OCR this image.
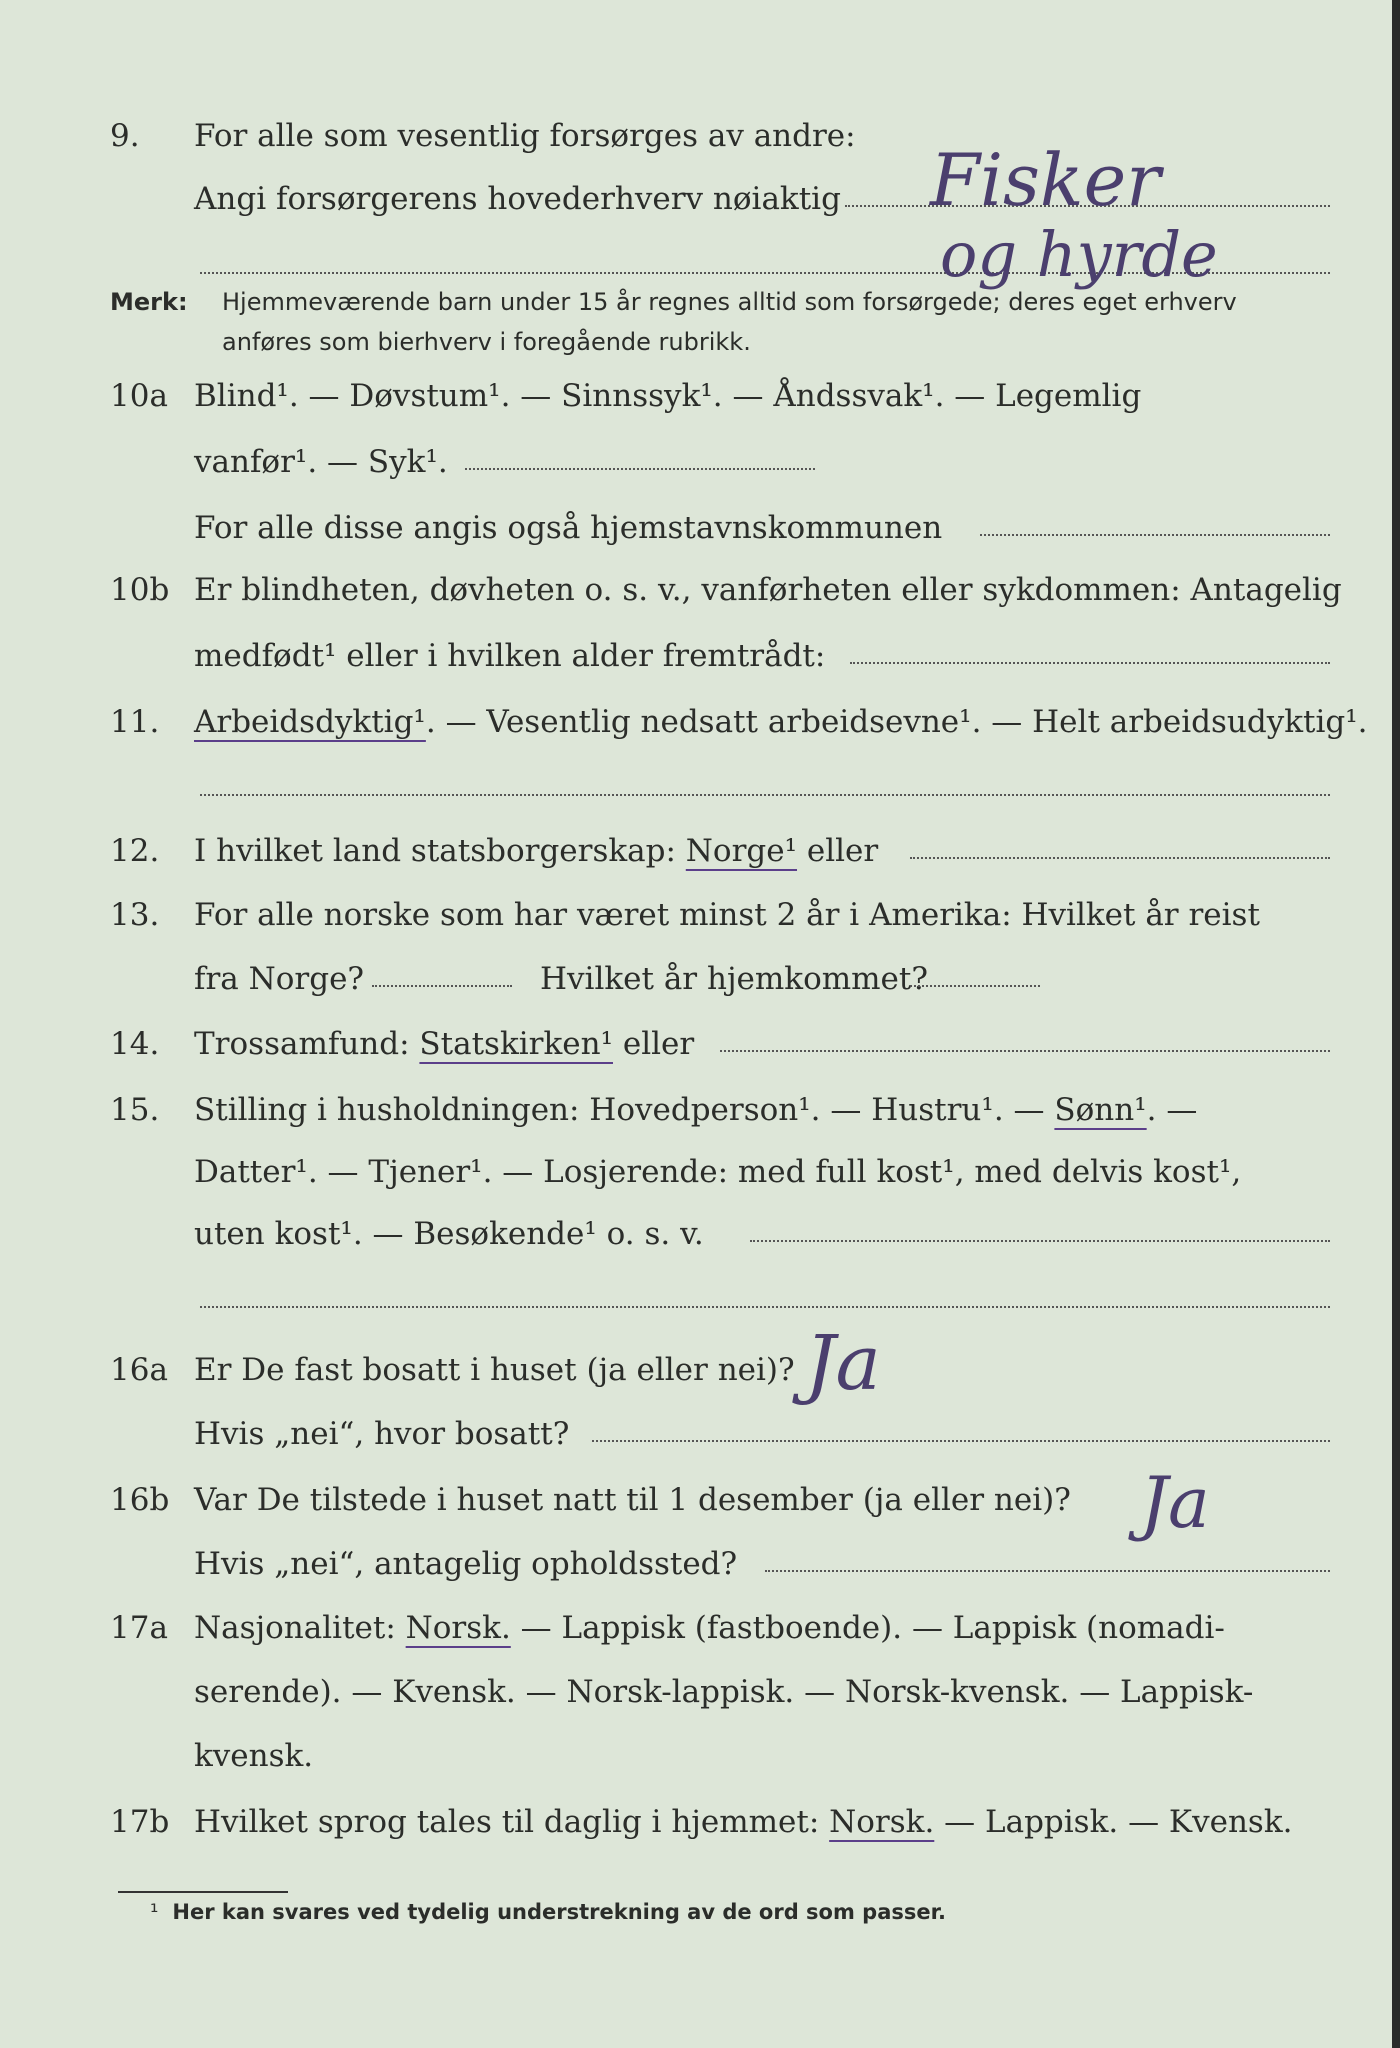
9.	For alle som vesentlig forsørges av andre:
Angi forsørgerens hovederhverv nøiaktig Fisker
og hyrde
Merk: Hjemmeværende barn under 15 år regnes alltid som forsørgede; deres eget erhverv
anføres som bierhverv i foregående rubrikk.
10a Blind¹. — Døvstum¹. — Sinnssyk¹. — Åndssvak¹. — Legemlig
vanfør¹. — Syk¹.
For alle disse angis også hjemstavnskommunen
10b Er blindheten, døvheten o. s. v., vanførheten eller sykdommen: Antagelig
medfødt¹ eller i hvilken alder fremtrådt:
11.	Arbeidsdyktig¹. — Vesentlig nedsatt arbeidsevne¹. — Helt arbeidsudyktig¹.
12.	I hvilket land statsborgerskap: Norge¹ eller
13.	For alle norske som har været minst 2 år i Amerika: Hvilket år reist
fra Norge?	Hvilket år hjemkommet?
14.	Trossamfund: Statskirken¹ eller
15.	Stilling i husholdningen: Hovedperson¹. — Hustru¹. — Sønn¹. —
Datter¹. — Tjener¹. — Losjerende: med full kost¹, med delvis kost¹,
uten kost¹. — Besøkende¹ o. s. v.
16a Er De fast bosatt i huset (ja eller nei)?
Hvis „nei“, hvor bosatt?
Ja
16b Var De tilstede i huset natt til 1 desember (ja eller nei)?
Hvis „nei“, antagelig opholdssted?
Ja
17a Nasjonalitet: Norsk. — Lappisk (fastboende). — Lappisk (nomadi-
serende). — Kvensk. — Norsk-lappisk. — Norsk-kvensk. — Lappisk-
kvensk.
17b Hvilket sprog tales til daglig i hjemmet: Norsk. — Lappisk. — Kvensk.
¹ Her kan svares ved tydelig understrekning av de ord som passer.
